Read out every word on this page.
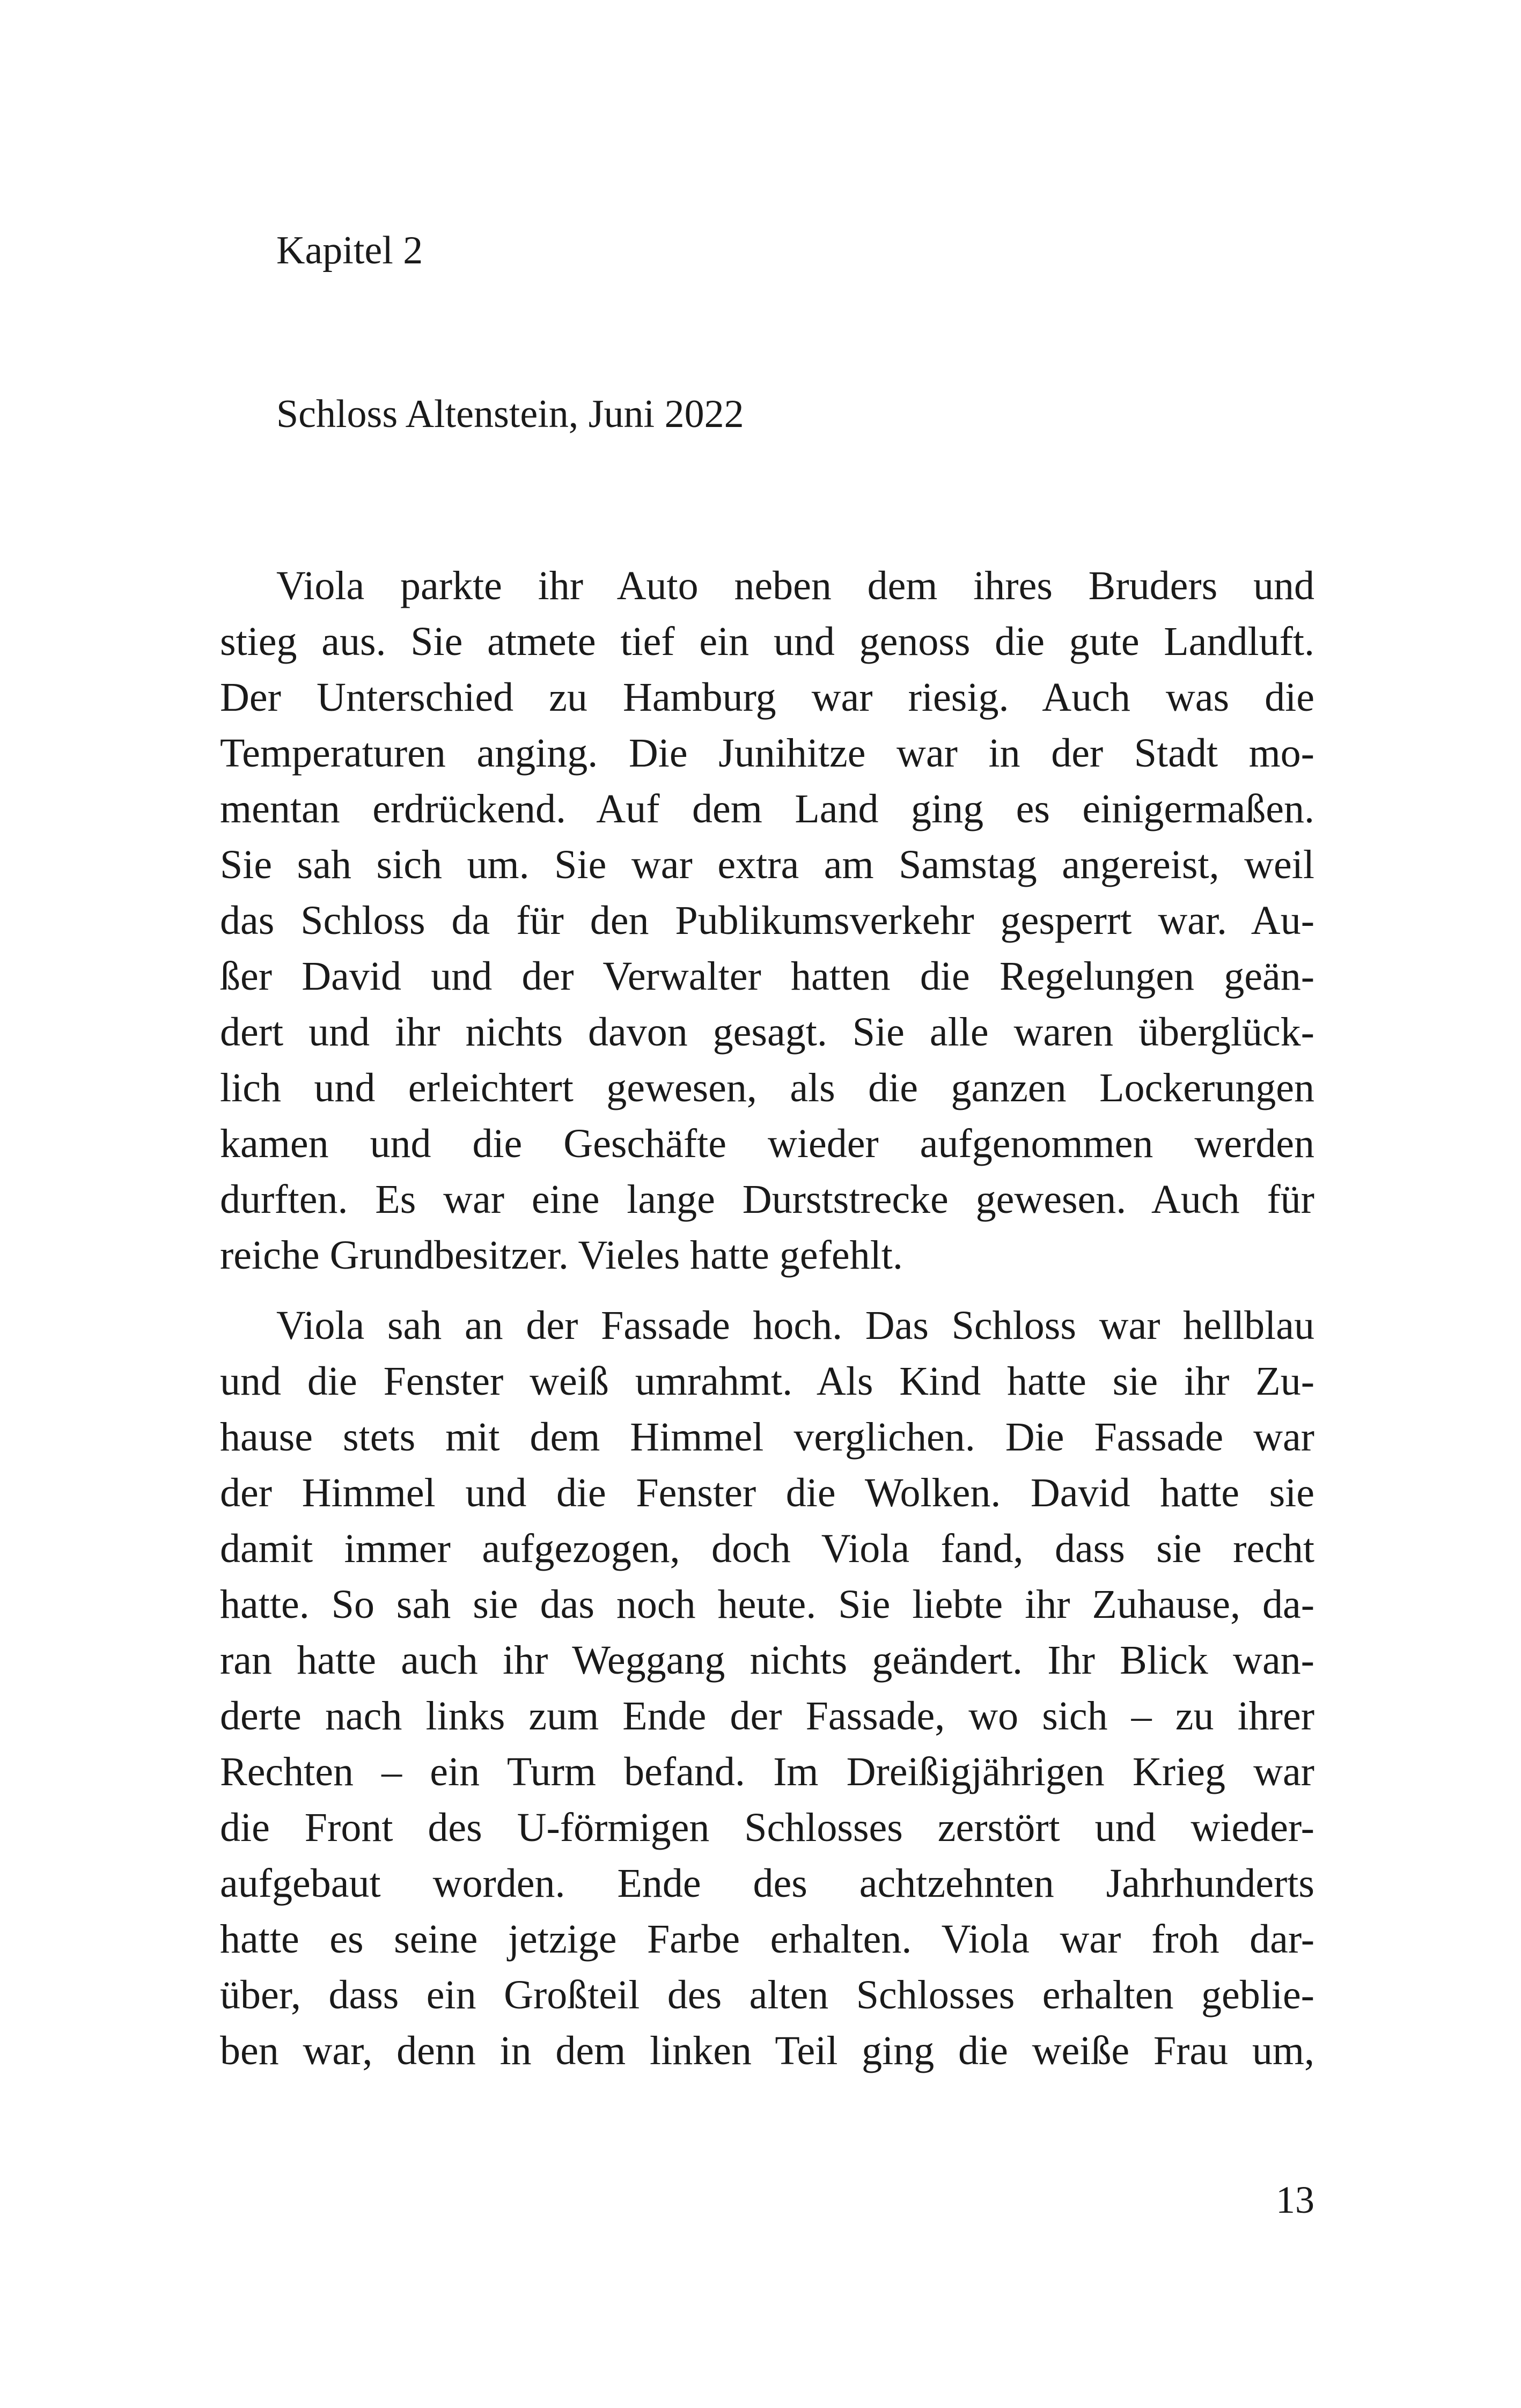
Kapitel 2

Schloss Altenstein, Juni 2022

Viola parkte ihr Auto neben dem ihres Bruders und
stieg aus. Sie atmete tief ein und genoss die gute Landluft.
Der Unterschied zu Hamburg war riesig. Auch was die
Temperaturen anging. Die Junihitze war in der Stadt mo-
mentan erdrückend. Auf dem Land ging es einigermaßen.
Sie sah sich um. Sie war extra am Samstag angereist, weil
das Schloss da für den Publikumsverkehr gesperrt war. Au-
ßer David und der Verwalter hatten die Regelungen geän-
dert und ihr nichts davon gesagt. Sie alle waren überglück-
lich und erleichtert gewesen, als die ganzen Lockerungen
kamen und die Geschäfte wieder aufgenommen werden
durften. Es war eine lange Durststrecke gewesen. Auch für
reiche Grundbesitzer. Vieles hatte gefehlt.
Viola sah an der Fassade hoch. Das Schloss war hellblau
und die Fenster weiß umrahmt. Als Kind hatte sie ihr Zu-
hause stets mit dem Himmel verglichen. Die Fassade war
der Himmel und die Fenster die Wolken. David hatte sie
damit immer aufgezogen, doch Viola fand, dass sie recht
hatte. So sah sie das noch heute. Sie liebte ihr Zuhause, da-
ran hatte auch ihr Weggang nichts geändert. Ihr Blick wan-
derte nach links zum Ende der Fassade, wo sich – zu ihrer
Rechten – ein Turm befand. Im Dreißigjährigen Krieg war
die Front des U-förmigen Schlosses zerstört und wieder-
aufgebaut worden. Ende des achtzehnten Jahrhunderts
hatte es seine jetzige Farbe erhalten. Viola war froh dar-
über, dass ein Großteil des alten Schlosses erhalten geblie-
ben war, denn in dem linken Teil ging die weiße Frau um,
13
